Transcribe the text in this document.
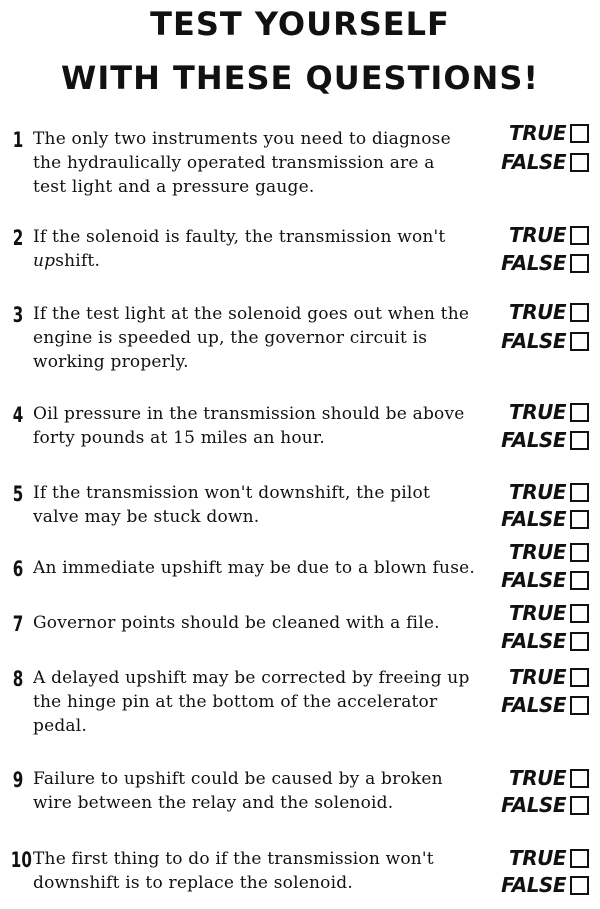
TEST YOURSELF
WITH THESE QUESTIONS!
1 The only two instruments you need to diagnose
the hydraulically operated transmission are a
test light and a pressure gauge.
TRUE
FALSE
2 If the solenoid is faulty, the transmission won't
upshift.
TRUE
FALSE
3 If the test light at the solenoid goes out when the
engine is speeded up, the governor circuit is
working properly.
TRUE
FALSE
4 Oil pressure in the transmission should be above
forty pounds at 15 miles an hour.
TRUE
FALSE
5 If the transmission won't downshift, the pilot
valve may be stuck down.
TRUE
FALSE
6 An immediate upshift may be due to a blown fuse.
TRUE
FALSE
7 Governor points should be cleaned with a file.	TRUE
FALSE
8 A delayed upshift may be corrected by freeing up
the hinge pin at the bottom of the accelerator
pedal.
TRUE
FALSE
9 Failure to upshift could be caused by a broken
wire between the relay and the solenoid.
TRUE
FALSE
10 The first thing to do if the transmission won't
downshift is to replace the solenoid.
TRUE
FALSE
